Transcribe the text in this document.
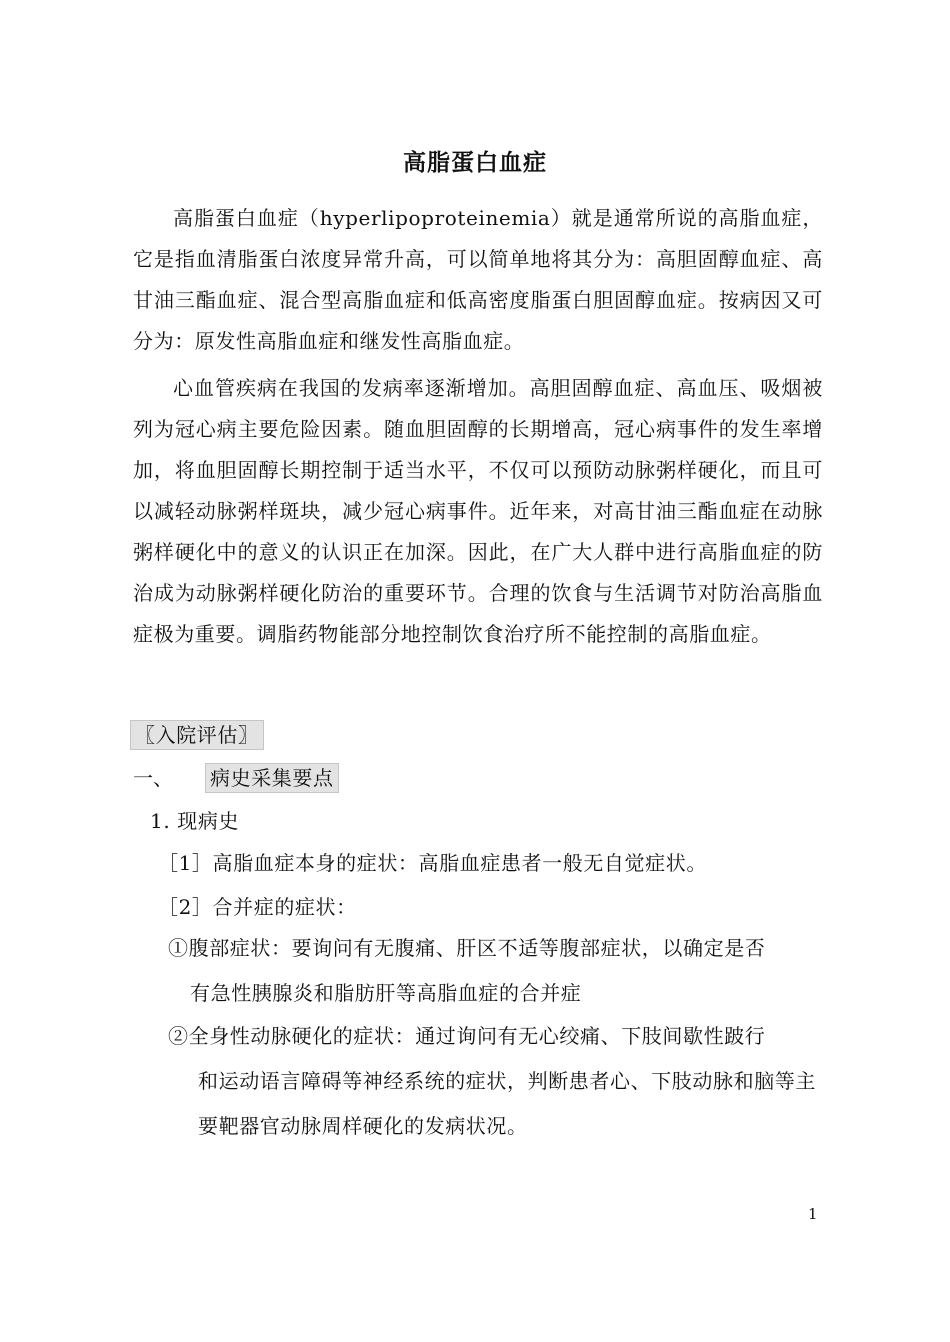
高脂蛋白血症
高脂蛋白血症（hyperlipoproteinemia）就是通常所说的高脂血症，它是指血清脂蛋白浓度异常升高，可以简单地将其分为：高胆固醇血症、高甘油三酯血症、混合型高脂血症和低高密度脂蛋白胆固醇血症。按病因又可分为：原发性高脂血症和继发性高脂血症。
心血管疾病在我国的发病率逐渐增加。高胆固醇血症、高血压、吸烟被列为冠心病主要危险因素。随血胆固醇的长期增高，冠心病事件的发生率增加，将血胆固醇长期控制于适当水平，不仅可以预防动脉粥样硬化，而且可以减轻动脉粥样斑块，减少冠心病事件。近年来，对高甘油三酯血症在动脉粥样硬化中的意义的认识正在加深。因此，在广大人群中进行高脂血症的防治成为动脉粥样硬化防治的重要环节。合理的饮食与生活调节对防治高脂血症极为重要。调脂药物能部分地控制饮食治疗所不能控制的高脂血症。
〖入院评估〗
一、 病史采集要点
1. 现病史
［1］高脂血症本身的症状：高脂血症患者一般无自觉症状。
［2］合并症的症状：
①腹部症状：要询问有无腹痛、肝区不适等腹部症状，以确定是否
有急性胰腺炎和脂肪肝等高脂血症的合并症
②全身性动脉硬化的症状：通过询问有无心绞痛、下肢间歇性跛行
和运动语言障碍等神经系统的症状，判断患者心、下肢动脉和脑等主要靶器官动脉周样硬化的发病状况。
1
